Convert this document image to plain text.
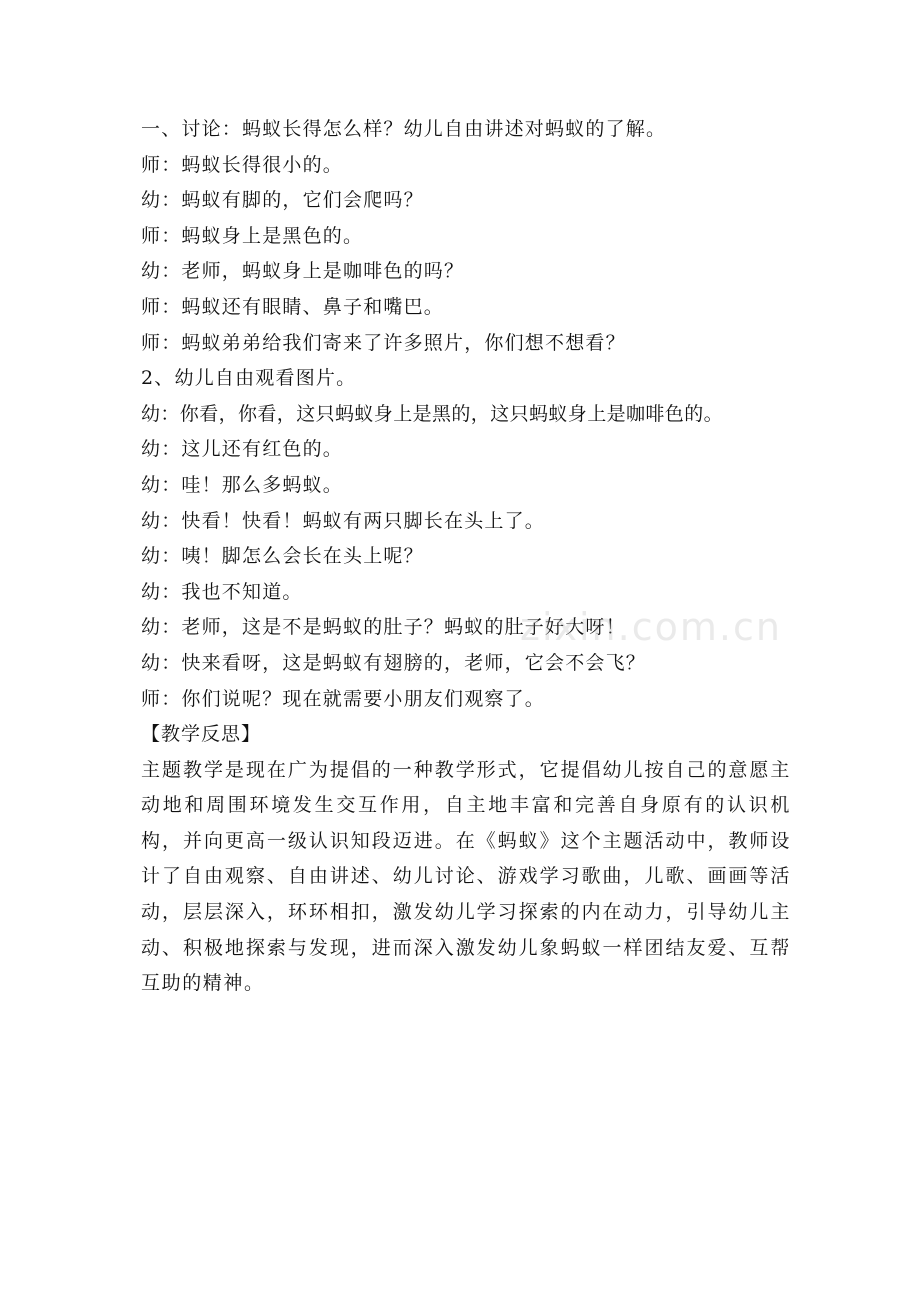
一、讨论：蚂蚁长得怎么样？幼儿自由讲述对蚂蚁的了解。
师：蚂蚁长得很小的。
幼：蚂蚁有脚的，它们会爬吗？
师：蚂蚁身上是黑色的。
幼：老师，蚂蚁身上是咖啡色的吗？
师：蚂蚁还有眼睛、鼻子和嘴巴。
师：蚂蚁弟弟给我们寄来了许多照片，你们想不想看？
2、幼儿自由观看图片。
幼：你看，你看，这只蚂蚁身上是黑的，这只蚂蚁身上是咖啡色的。
幼：这儿还有红色的。
幼：哇！那么多蚂蚁。
幼：快看！快看！蚂蚁有两只脚长在头上了。
幼：咦！脚怎么会长在头上呢？
幼：我也不知道。
幼：老师，这是不是蚂蚁的肚子？蚂蚁的肚子好大呀！
幼：快来看呀，这是蚂蚁有翅膀的，老师，它会不会飞？
师：你们说呢？现在就需要小朋友们观察了。
【教学反思】

主题教学是现在广为提倡的一种教学形式，它提倡幼儿按自己的意愿主动地和周围环境发生交互作用，自主地丰富和完善自身原有的认识机构，并向更高一级认识知段迈进。在《蚂蚁》这个主题活动中，教师设计了自由观察、自由讲述、幼儿讨论、游戏学习歌曲，儿歌、画画等活动，层层深入，环环相扣，激发幼儿学习探索的内在动力，引导幼儿主动、积极地探索与发现，进而深入激发幼儿象蚂蚁一样团结友爱、互帮互助的精神。

zixin.com.cn
